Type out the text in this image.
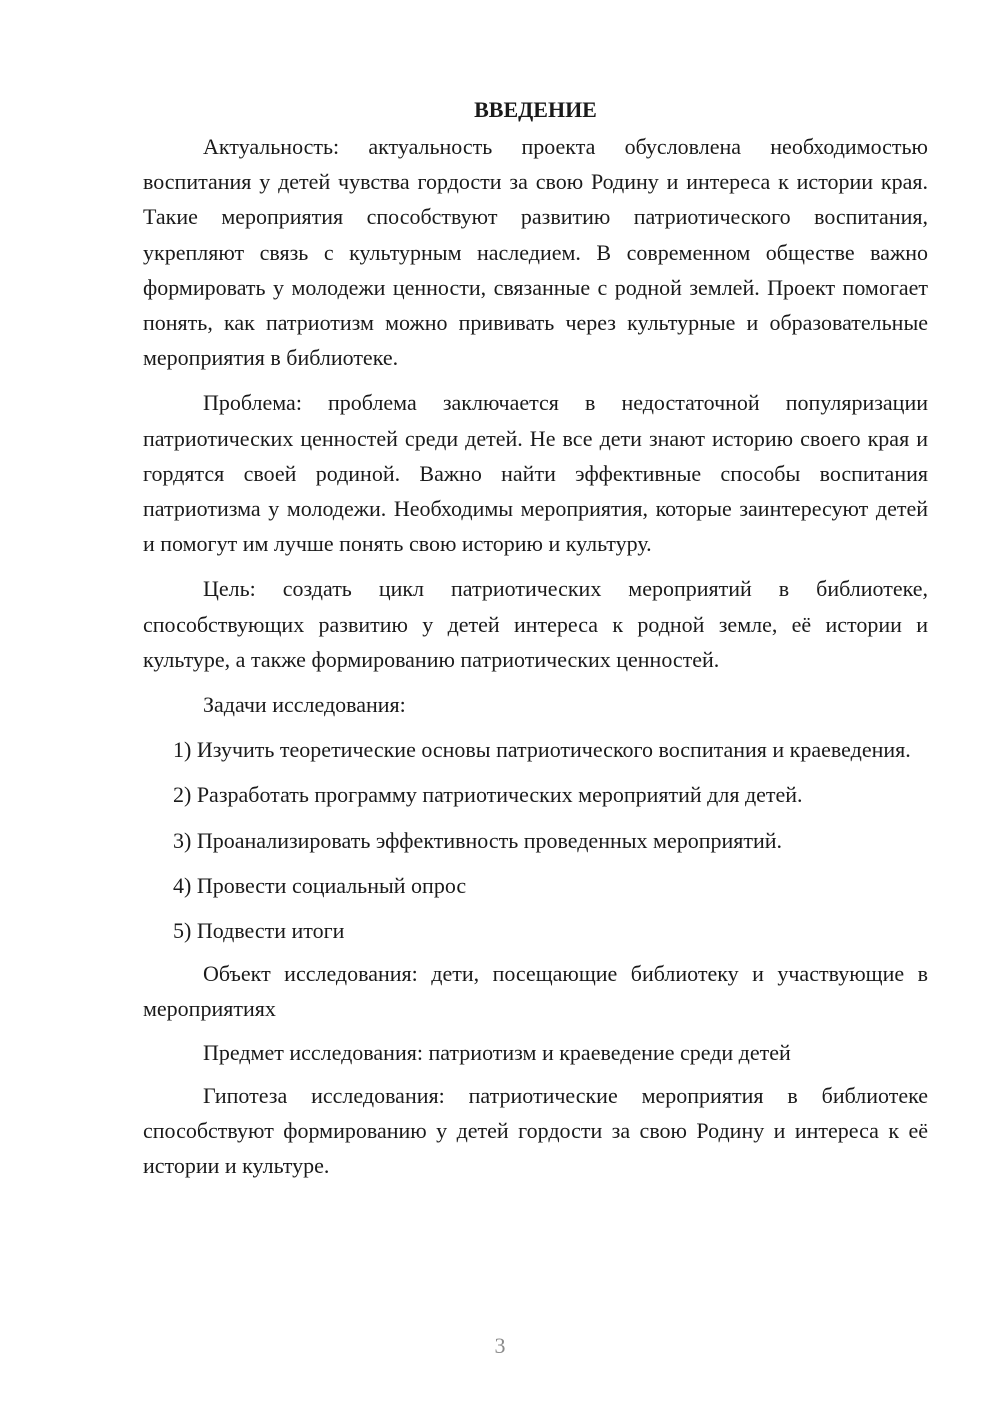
ВВЕДЕНИЕ

Актуальность: актуальность проекта обусловлена необходимостью воспитания у детей чувства гордости за свою Родину и интереса к истории края. Такие мероприятия способствуют развитию патриотического воспитания, укрепляют связь с культурным наследием. В современном обществе важно формировать у молодежи ценности, связанные с родной землей. Проект помогает понять, как патриотизм можно прививать через культурные и образовательные мероприятия в библиотеке.

Проблема: проблема заключается в недостаточной популяризации патриотических ценностей среди детей. Не все дети знают историю своего края и гордятся своей родиной. Важно найти эффективные способы воспитания патриотизма у молодежи. Необходимы мероприятия, которые заинтересуют детей и помогут им лучше понять свою историю и культуру.

Цель: создать цикл патриотических мероприятий в библиотеке, способствующих развитию у детей интереса к родной земле, её истории и культуре, а также формированию патриотических ценностей.

Задачи исследования:

1) Изучить теоретические основы патриотического воспитания и краеведения.

2) Разработать программу патриотических мероприятий для детей.

3) Проанализировать эффективность проведенных мероприятий.

4) Провести социальный опрос

5) Подвести итоги

Объект исследования: дети, посещающие библиотеку и участвующие в мероприятиях

Предмет исследования: патриотизм и краеведение среди детей

Гипотеза исследования: патриотические мероприятия в библиотеке способствуют формированию у детей гордости за свою Родину и интереса к её истории и культуре.

3
